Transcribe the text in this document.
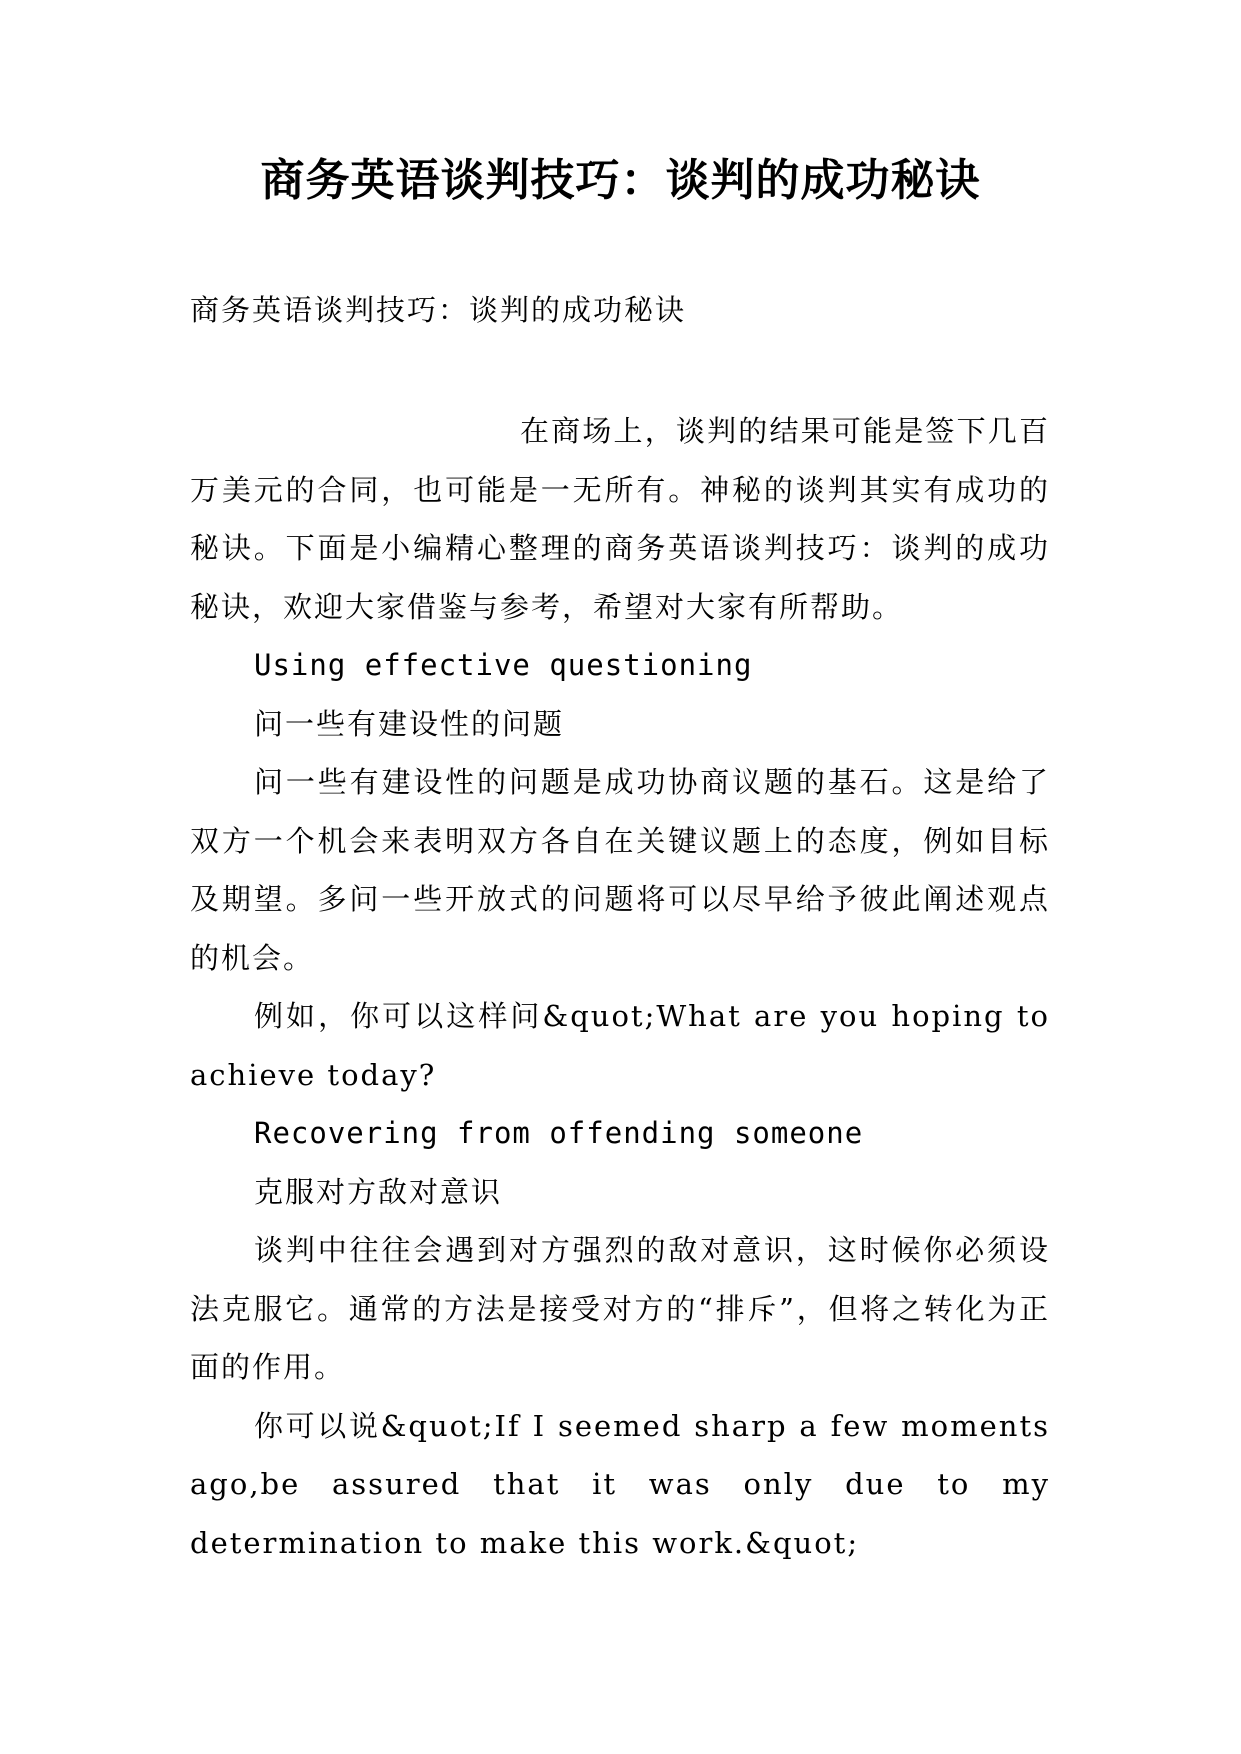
商务英语谈判技巧：谈判的成功秘诀
商务英语谈判技巧：谈判的成功秘诀

在商场上，谈判的结果可能是签下几百万美元的合同，也可能是一无所有。神秘的谈判其实有成功的秘诀。下面是小编精心整理的商务英语谈判技巧：谈判的成功秘诀，欢迎大家借鉴与参考，希望对大家有所帮助。

Using effective questioning

问一些有建设性的问题

问一些有建设性的问题是成功协商议题的基石。这是给了双方一个机会来表明双方各自在关键议题上的态度，例如目标及期望。多问一些开放式的问题将可以尽早给予彼此阐述观点的机会。

例如，你可以这样问&quot;What are you hoping to achieve today?

Recovering from offending someone

克服对方敌对意识

谈判中往往会遇到对方强烈的敌对意识，这时候你必须设法克服它。通常的方法是接受对方的“排斥”，但将之转化为正面的作用。

你可以说&quot;If I seemed sharp a few moments ago,be assured that it was only due to my determination to make this work.&quot;
